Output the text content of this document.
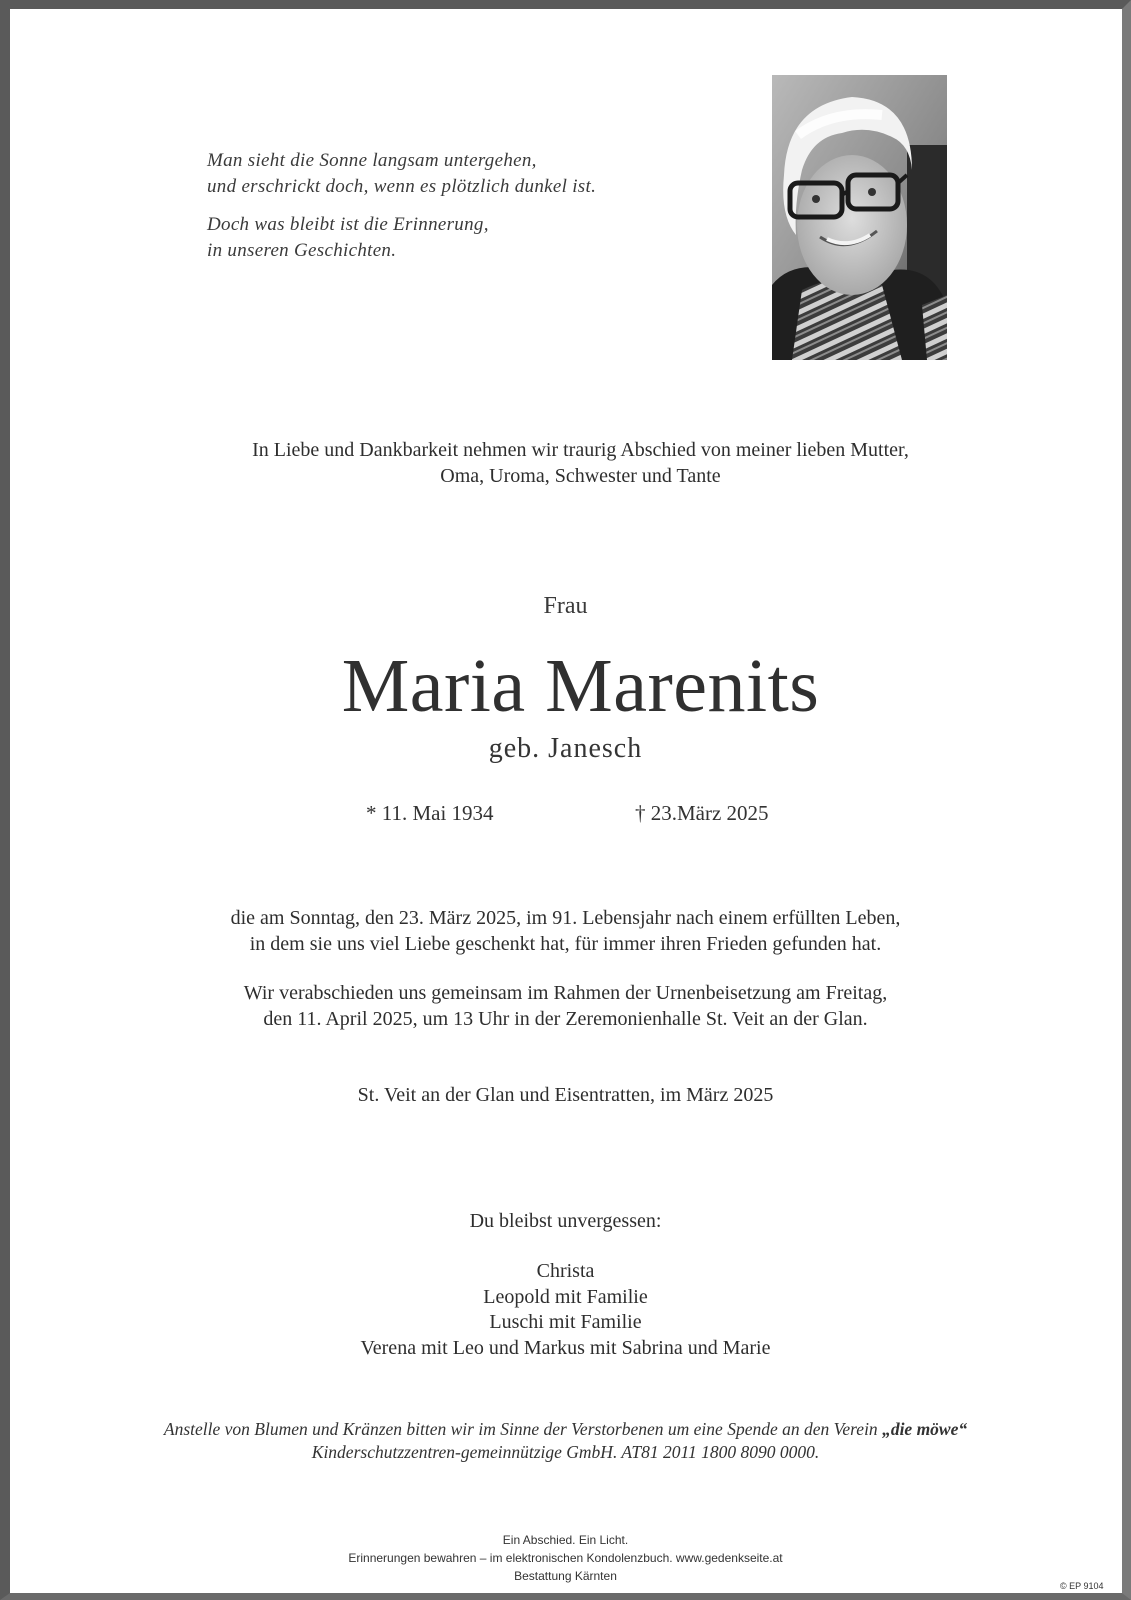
Man sieht die Sonne langsam untergehen,
und erschrickt doch, wenn es plötzlich dunkel ist.

Doch was bleibt ist die Erinnerung,
in unseren Geschichten.

In Liebe und Dankbarkeit nehmen wir traurig Abschied von meiner lieben Mutter,
Oma, Uroma, Schwester und Tante
Frau
Maria Marenits
geb. Janesch
* 11. Mai 1934	† 23.März 2025
die am Sonntag, den 23. März 2025, im 91. Lebensjahr nach einem erfüllten Leben,
in dem sie uns viel Liebe geschenkt hat, für immer ihren Frieden gefunden hat.
Wir verabschieden uns gemeinsam im Rahmen der Urnenbeisetzung am Freitag,
den 11. April 2025, um 13 Uhr in der Zeremonienhalle St. Veit an der Glan.
St. Veit an der Glan und Eisentratten, im März 2025
Du bleibst unvergessen:
Christa
Leopold mit Familie
Luschi mit Familie
Verena mit Leo und Markus mit Sabrina und Marie
Anstelle von Blumen und Kränzen bitten wir im Sinne der Verstorbenen um eine Spende an den Verein „die möwe“
Kinderschutzzentren-gemeinnützige GmbH. AT81 2011 1800 8090 0000.
Ein Abschied. Ein Licht.
Erinnerungen bewahren – im elektronischen Kondolenzbuch. www.gedenkseite.at
Bestattung Kärnten
© EP 9104
